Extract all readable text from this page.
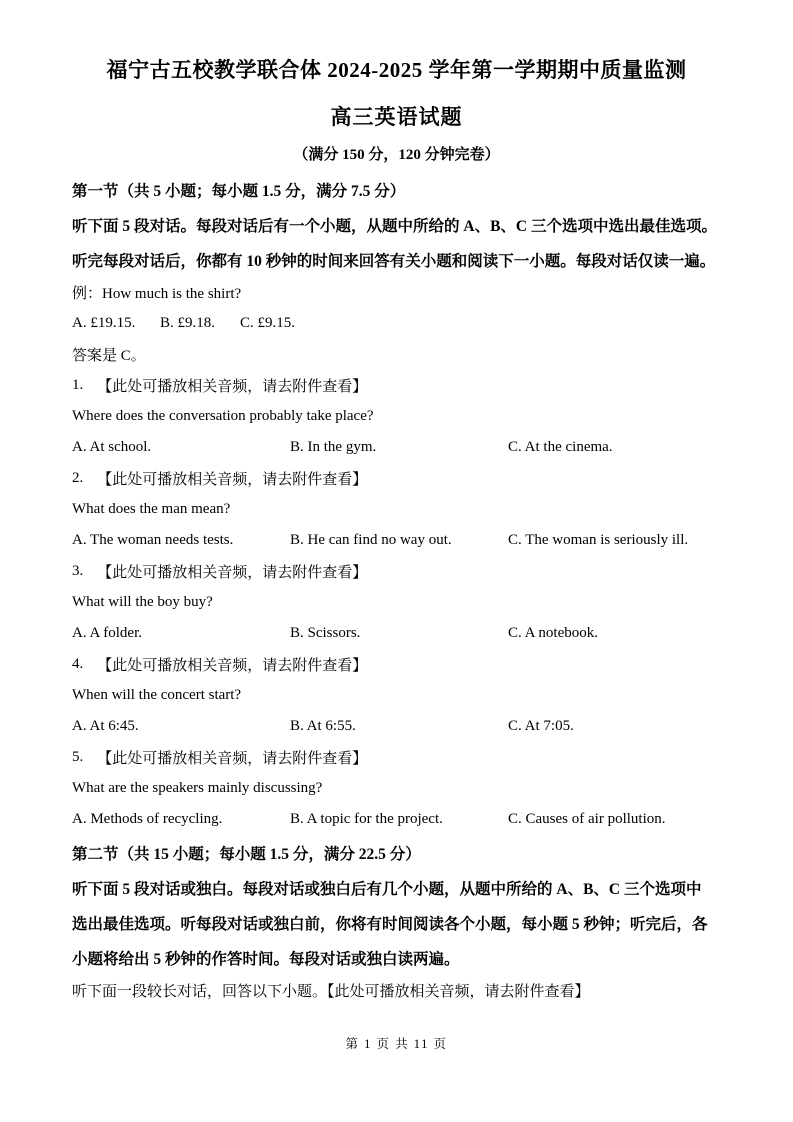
福宁古五校教学联合体 2024-2025 学年第一学期期中质量监测
高三英语试题
（满分 150 分，120 分钟完卷）
第一节（共 5 小题；每小题 1.5 分，满分 7.5 分）
听下面 5 段对话。每段对话后有一个小题，从题中所给的 A、B、C 三个选项中选出最佳选项。
听完每段对话后，你都有 10 秒钟的时间来回答有关小题和阅读下一小题。每段对话仅读一遍。
例：How much is the shirt?
A. £19.15.	B. £9.18.	C. £9.15.
答案是 C。
1. 【此处可播放相关音频，请去附件查看】
Where does the conversation probably take place?
A. At school.	B. In the gym.	C. At the cinema.
2. 【此处可播放相关音频，请去附件查看】
What does the man mean?
A. The woman needs tests.	B. He can find no way out.	C. The woman is seriously ill.
3. 【此处可播放相关音频，请去附件查看】
What will the boy buy?
A. A folder.	B. Scissors.	C. A notebook.
4. 【此处可播放相关音频，请去附件查看】
When will the concert start?
A. At 6:45.	B. At 6:55.	C. At 7:05.
5. 【此处可播放相关音频，请去附件查看】
What are the speakers mainly discussing?
A. Methods of recycling.	B. A topic for the project.	C. Causes of air pollution.
第二节（共 15 小题；每小题 1.5 分，满分 22.5 分）
听下面 5 段对话或独白。每段对话或独白后有几个小题，从题中所给的 A、B、C 三个选项中
选出最佳选项。听每段对话或独白前，你将有时间阅读各个小题，每小题 5 秒钟；听完后，各
小题将给出 5 秒钟的作答时间。每段对话或独白读两遍。
听下面一段较长对话，回答以下小题。【此处可播放相关音频，请去附件查看】
第 1 页 共 11 页
